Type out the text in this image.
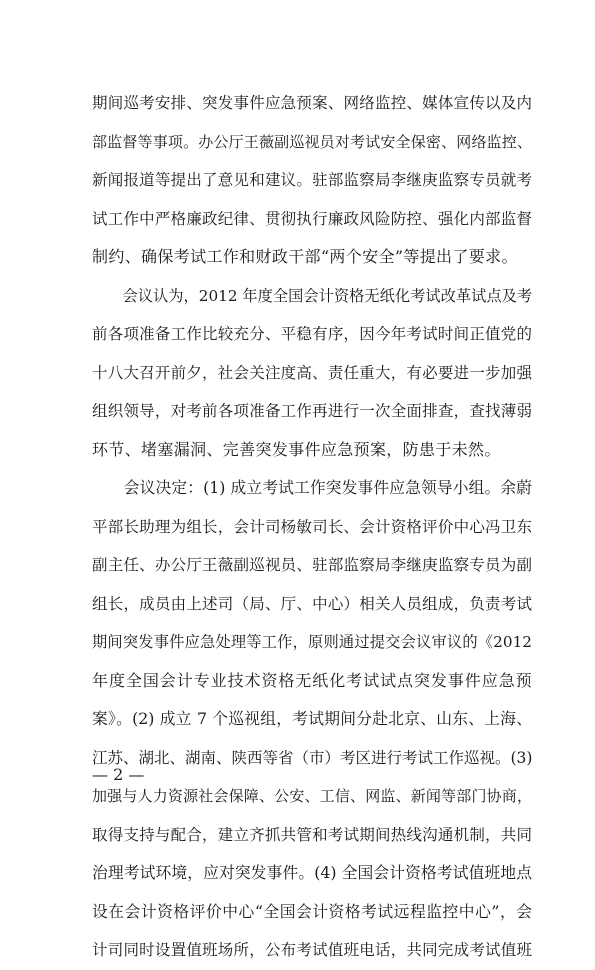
期间巡考安排、突发事件应急预案、网络监控、媒体宣传以及内
部监督等事项。办公厅王薇副巡视员对考试安全保密、网络监控、
新闻报道等提出了意见和建议。驻部监察局李继庚监察专员就考
试工作中严格廉政纪律、贯彻执行廉政风险防控、强化内部监督
制约、确保考试工作和财政干部“两个安全”等提出了要求。
　　会议认为，2012 年度全国会计资格无纸化考试改革试点及考
前各项准备工作比较充分、平稳有序，因今年考试时间正值党的
十八大召开前夕，社会关注度高、责任重大，有必要进一步加强
组织领导，对考前各项准备工作再进行一次全面排查，查找薄弱
环节、堵塞漏洞、完善突发事件应急预案，防患于未然。
　　会议决定：(1) 成立考试工作突发事件应急领导小组。余蔚
平部长助理为组长，会计司杨敏司长、会计资格评价中心冯卫东
副主任、办公厅王薇副巡视员、驻部监察局李继庚监察专员为副
组长，成员由上述司（局、厅、中心）相关人员组成，负责考试
期间突发事件应急处理等工作，原则通过提交会议审议的《2012
年度全国会计专业技术资格无纸化考试试点突发事件应急预
案》。(2) 成立 7 个巡视组，考试期间分赴北京、山东、上海、
江苏、湖北、湖南、陕西等省（市）考区进行考试工作巡视。(3)
加强与人力资源社会保障、公安、工信、网监、新闻等部门协商，
取得支持与配合，建立齐抓共管和考试期间热线沟通机制，共同
治理考试环境，应对突发事件。(4) 全国会计资格考试值班地点
设在会计资格评价中心“全国会计资格考试远程监控中心”，会
计司同时设置值班场所，公布考试值班电话，共同完成考试值班
— 2 —
